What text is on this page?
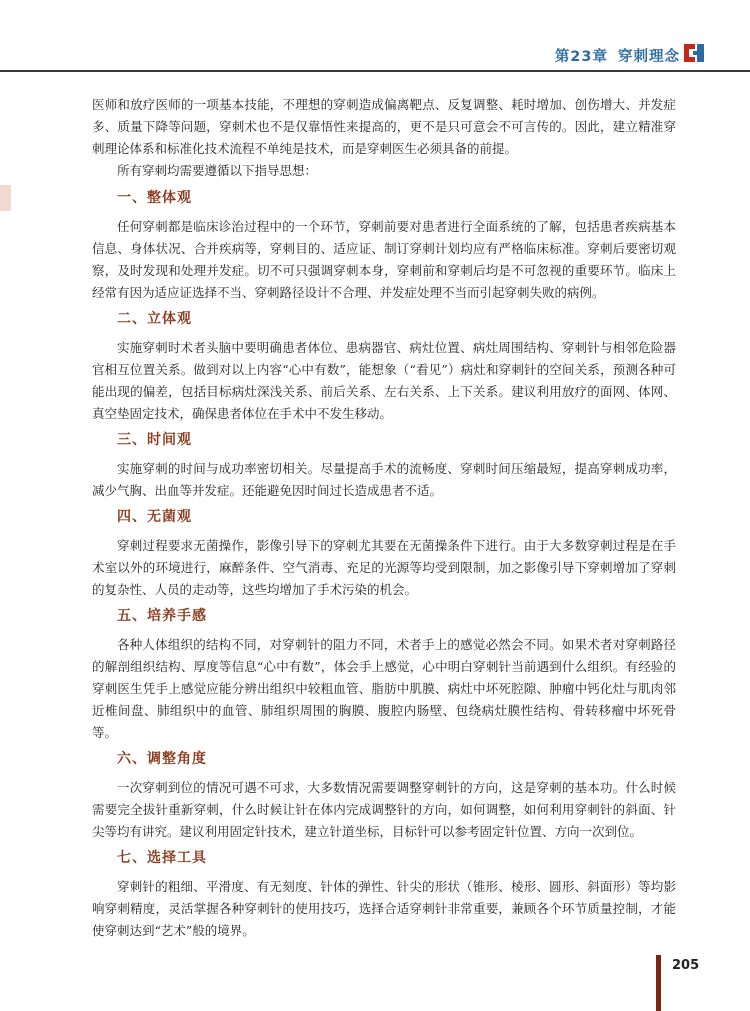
第23章 穿刺理念

医师和放疗医师的一项基本技能，不理想的穿刺造成偏离靶点、反复调整、耗时增加、创伤增大、并发症多、质量下降等问题，穿刺术也不是仅靠悟性来提高的，更不是只可意会不可言传的。因此，建立精准穿刺理论体系和标准化技术流程不单纯是技术，而是穿刺医生必须具备的前提。

所有穿刺均需要遵循以下指导思想：

一、整体观

任何穿刺都是临床诊治过程中的一个环节，穿刺前要对患者进行全面系统的了解，包括患者疾病基本信息、身体状况、合并疾病等，穿刺目的、适应证、制订穿刺计划均应有严格临床标准。穿刺后要密切观察，及时发现和处理并发症。切不可只强调穿刺本身，穿刺前和穿刺后均是不可忽视的重要环节。临床上经常有因为适应证选择不当、穿刺路径设计不合理、并发症处理不当而引起穿刺失败的病例。

二、立体观

实施穿刺时术者头脑中要明确患者体位、患病器官、病灶位置、病灶周围结构、穿刺针与相邻危险器官相互位置关系。做到对以上内容“心中有数”，能想象（“看见”）病灶和穿刺针的空间关系，预测各种可能出现的偏差，包括目标病灶深浅关系、前后关系、左右关系、上下关系。建议利用放疗的面网、体网、真空垫固定技术，确保患者体位在手术中不发生移动。

三、时间观

实施穿刺的时间与成功率密切相关。尽量提高手术的流畅度、穿刺时间压缩最短，提高穿刺成功率，减少气胸、出血等并发症。还能避免因时间过长造成患者不适。

四、无菌观

穿刺过程要求无菌操作，影像引导下的穿刺尤其要在无菌操条件下进行。由于大多数穿刺过程是在手术室以外的环境进行，麻醉条件、空气消毒、充足的光源等均受到限制，加之影像引导下穿刺增加了穿刺的复杂性、人员的走动等，这些均增加了手术污染的机会。

五、培养手感

各种人体组织的结构不同，对穿刺针的阻力不同，术者手上的感觉必然会不同。如果术者对穿刺路径的解剖组织结构、厚度等信息“心中有数”，体会手上感觉，心中明白穿刺针当前遇到什么组织。有经验的穿刺医生凭手上感觉应能分辨出组织中较粗血管、脂肪中肌膜、病灶中坏死腔隙、肿瘤中钙化灶与肌肉邻近椎间盘、肺组织中的血管、肺组织周围的胸膜、腹腔内肠壁、包绕病灶膜性结构、骨转移瘤中坏死骨等。

六、调整角度

一次穿刺到位的情况可遇不可求，大多数情况需要调整穿刺针的方向，这是穿刺的基本功。什么时候需要完全拔针重新穿刺，什么时候让针在体内完成调整针的方向，如何调整，如何利用穿刺针的斜面、针尖等均有讲究。建议利用固定针技术，建立针道坐标，目标针可以参考固定针位置、方向一次到位。

七、选择工具

穿刺针的粗细、平滑度、有无刻度、针体的弹性、针尖的形状（锥形、棱形、圆形、斜面形）等均影响穿刺精度，灵活掌握各种穿刺针的使用技巧，选择合适穿刺针非常重要，兼顾各个环节质量控制，才能使穿刺达到“艺术”般的境界。

205
